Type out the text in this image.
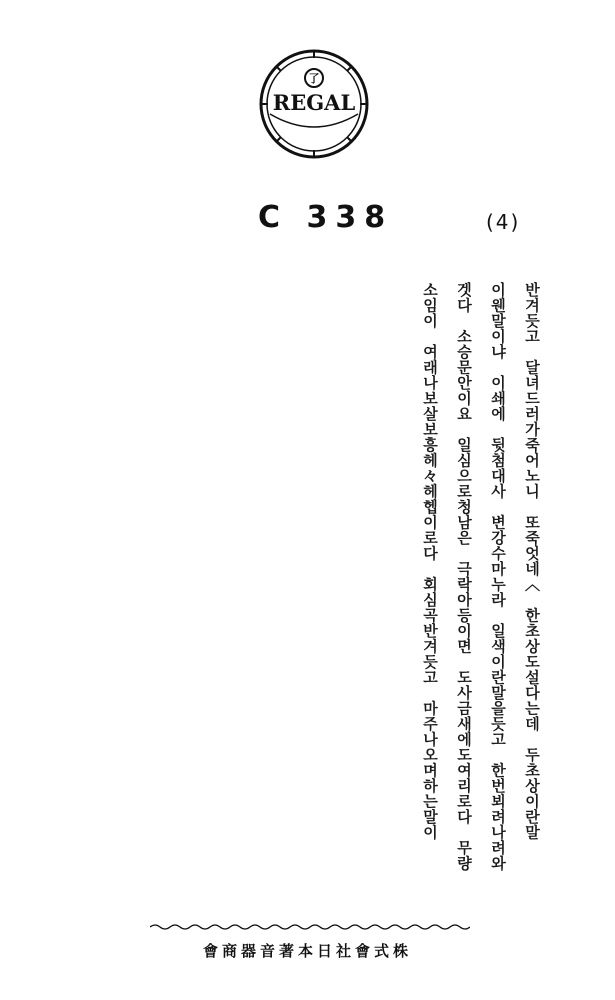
了
REGAL
C 338	(4)
반겨듯고　달녀드러가죽어노니　또죽엇네〈　한초상도설다는데　두초상이란말
이웬말이냐　이쇄에　뒷첨대사　변강수마누라　일색이란말을듯고　한번뵈려나려와
겟다　소승문안이요　일심으로청남은　극락아등이면　도사금새에도여리로다　무량
소임이　여래나보살보흥헤々헤헵이로다　회심곡반겨듯고　마주나오며하는말이
會商器音著本日社會式株
